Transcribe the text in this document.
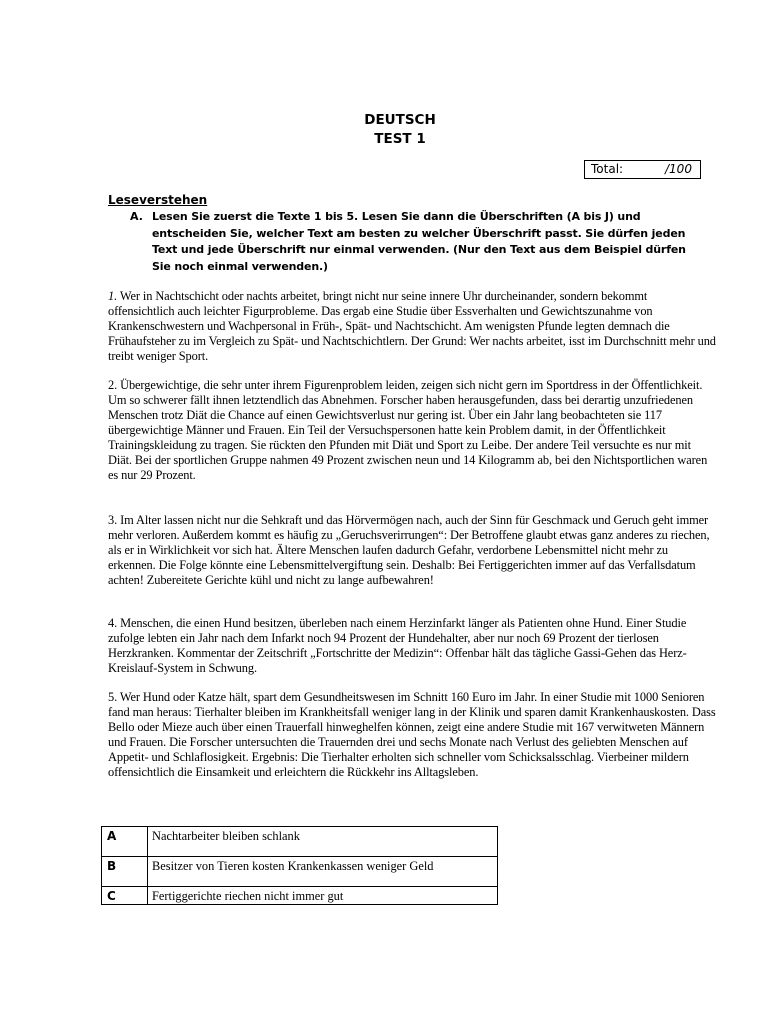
DEUTSCH
TEST 1
Total:	/100
Leseverstehen
A. Lesen Sie zuerst die Texte 1 bis 5. Lesen Sie dann die Überschriften (A bis J) und entscheiden Sie, welcher Text am besten zu welcher Überschrift passt. Sie dürfen jeden Text und jede Überschrift nur einmal verwenden. (Nur den Text aus dem Beispiel dürfen Sie noch einmal verwenden.)
1. Wer in Nachtschicht oder nachts arbeitet, bringt nicht nur seine innere Uhr durcheinander, sondern bekommt offensichtlich auch leichter Figurprobleme. Das ergab eine Studie über Essverhalten und Gewichtszunahme von Krankenschwestern und Wachpersonal in Früh-, Spät- und Nachtschicht. Am wenigsten Pfunde legten demnach die Frühaufsteher zu im Vergleich zu Spät- und Nachtschichtlern. Der Grund: Wer nachts arbeitet, isst im Durchschnitt mehr und treibt weniger Sport.
2. Übergewichtige, die sehr unter ihrem Figurenproblem leiden, zeigen sich nicht gern im Sportdress in der Öffentlichkeit. Um so schwerer fällt ihnen letztendlich das Abnehmen. Forscher haben herausgefunden, dass bei derartig unzufriedenen Menschen trotz Diät die Chance auf einen Gewichtsverlust nur gering ist. Über ein Jahr lang beobachteten sie 117 übergewichtige Männer und Frauen. Ein Teil der Versuchspersonen hatte kein Problem damit, in der Öffentlichkeit Trainingskleidung zu tragen. Sie rückten den Pfunden mit Diät und Sport zu Leibe. Der andere Teil versuchte es nur mit Diät. Bei der sportlichen Gruppe nahmen 49 Prozent zwischen neun und 14 Kilogramm ab, bei den Nichtsportlichen waren es nur 29 Prozent.
3. Im Alter lassen nicht nur die Sehkraft und das Hörvermögen nach, auch der Sinn für Geschmack und Geruch geht immer mehr verloren. Außerdem kommt es häufig zu „Geruchsverirrungen“: Der Betroffene glaubt etwas ganz anderes zu riechen, als er in Wirklichkeit vor sich hat. Ältere Menschen laufen dadurch Gefahr, verdorbene Lebensmittel nicht mehr zu erkennen. Die Folge könnte eine Lebensmittelvergiftung sein. Deshalb: Bei Fertiggerichten immer auf das Verfallsdatum achten! Zubereitete Gerichte kühl und nicht zu lange aufbewahren!
4. Menschen, die einen Hund besitzen, überleben nach einem Herzinfarkt länger als Patienten ohne Hund. Einer Studie zufolge lebten ein Jahr nach dem Infarkt noch 94 Prozent der Hundehalter, aber nur noch 69 Prozent der tierlosen Herzkranken. Kommentar der Zeitschrift „Fortschritte der Medizin“: Offenbar hält das tägliche Gassi-Gehen das Herz-Kreislauf-System in Schwung.
5. Wer Hund oder Katze hält, spart dem Gesundheitswesen im Schnitt 160 Euro im Jahr. In einer Studie mit 1000 Senioren fand man heraus: Tierhalter bleiben im Krankheitsfall weniger lang in der Klinik und sparen damit Krankenhauskosten. Dass Bello oder Mieze auch über einen Trauerfall hinweghelfen können, zeigt eine andere Studie mit 167 verwitweten Männern und Frauen. Die Forscher untersuchten die Trauernden drei und sechs Monate nach Verlust des geliebten Menschen auf Appetit- und Schlaflosigkeit. Ergebnis: Die Tierhalter erholten sich schneller vom Schicksalsschlag. Vierbeiner mildern offensichtlich die Einsamkeit und erleichtern die Rückkehr ins Alltagsleben.
A	Nachtarbeiter bleiben schlank
B	Besitzer von Tieren kosten Krankenkassen weniger Geld
C	Fertiggerichte riechen nicht immer gut
